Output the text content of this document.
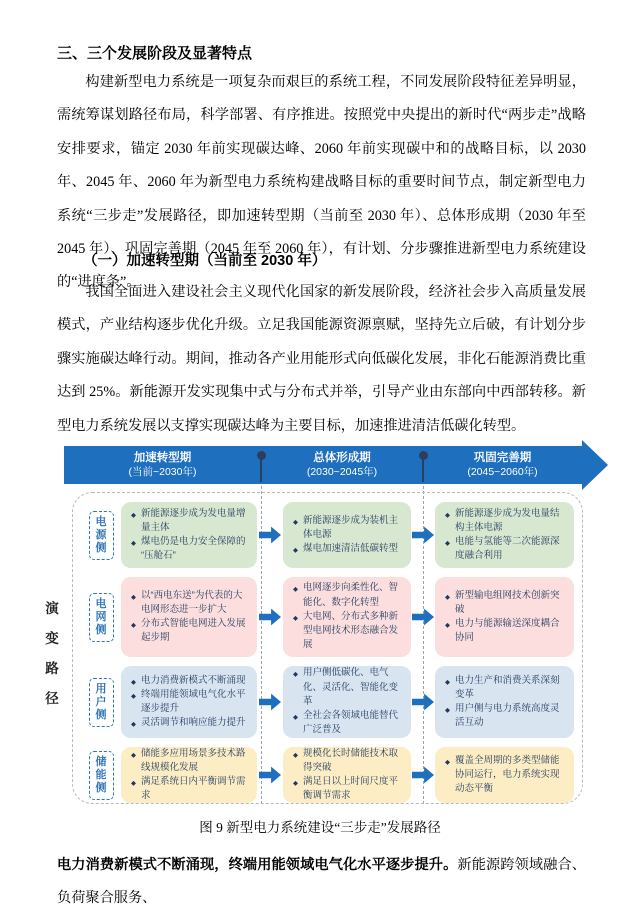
三、三个发展阶段及显著特点
构建新型电力系统是一项复杂而艰巨的系统工程，不同发展阶段特征差异明显，需统筹谋划路径布局，科学部署、有序推进。按照党中央提出的新时代“两步走”战略安排要求，锚定 2030 年前实现碳达峰、2060 年前实现碳中和的战略目标，以 2030 年、2045 年、2060 年为新型电力系统构建战略目标的重要时间节点，制定新型电力系统“三步走”发展路径，即加速转型期（当前至 2030 年）、总体形成期（2030 年至 2045 年）、巩固完善期（2045 年至 2060 年），有计划、分步骤推进新型电力系统建设的“进度条”。
（一）加速转型期（当前至 2030 年）
我国全面进入建设社会主义现代化国家的新发展阶段，经济社会步入高质量发展模式，产业结构逐步优化升级。立足我国能源资源禀赋，坚持先立后破，有计划分步骤实施碳达峰行动。期间，推动各产业用能形式向低碳化发展，非化石能源消费比重达到 25%。新能源开发实现集中式与分布式并举，引导产业由东部向中西部转移。新型电力系统发展以支撑实现碳达峰为主要目标，加速推进清洁低碳化转型。
演变路径
加速转型期
(当前~2030年)
总体形成期
(2030~2045年)
巩固完善期
(2045~2060年)
电源侧
◆ 新能源逐步成为发电量增量主体
◆ 煤电仍是电力安全保障的“压舱石”
◆ 新能源逐步成为装机主体电源
◆ 煤电加速清洁低碳转型
◆ 新能源逐步成为发电量结构主体电源
◆ 电能与氢能等二次能源深度融合利用
电网侧
◆ 以“西电东送”为代表的大电网形态进一步扩大
◆ 分布式智能电网进入发展起步期
◆ 电网逐步向柔性化、智能化、数字化转型
◆ 大电网、分布式多种新型电网技术形态融合发展
◆ 新型输电组网技术创新突破
◆ 电力与能源输送深度耦合协同
用户侧
◆ 电力消费新模式不断涌现
◆ 终端用能领域电气化水平逐步提升
◆ 灵活调节和响应能力提升
◆ 用户侧低碳化、电气化、灵活化、智能化变革
◆ 全社会各领域电能替代广泛普及
◆ 电力生产和消费关系深刻变革
◆ 用户侧与电力系统高度灵活互动
储能侧
◆ 储能多应用场景多技术路线规模化发展
◆ 满足系统日内平衡调节需求
◆ 规模化长时储能技术取得突破
◆ 满足日以上时间尺度平衡调节需求
◆ 覆盖全周期的多类型储能协同运行，电力系统实现动态平衡
图 9 新型电力系统建设“三步走”发展路径
电力消费新模式不断涌现，终端用能领域电气化水平逐步提升。新能源跨领域融合、负荷聚合服务、
